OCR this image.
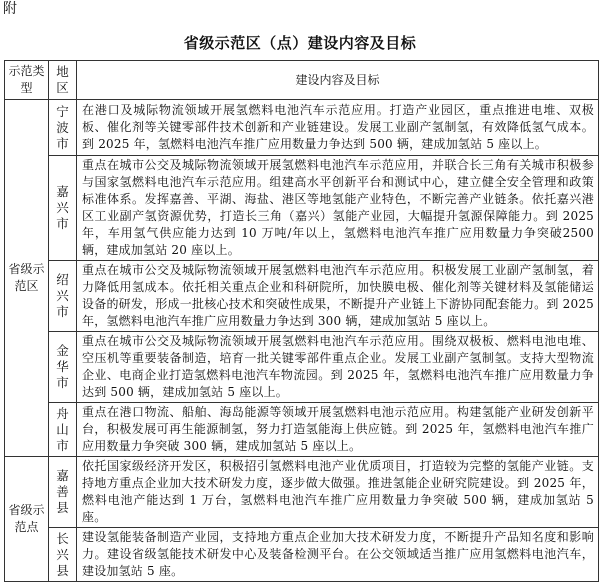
附
省级示范区（点）建设内容及目标
示范类型	地区	建设内容及目标
省级示范区	宁波市	在港口及城际物流领域开展氢燃料电池汽车示范应用。打造产业园区，重点推进电堆、双极板、催化剂等关键零部件技术创新和产业链建设。发展工业副产氢制氢，有效降低氢气成本。到 2025 年，氢燃料电池汽车推广应用数量力争达到 500 辆，建成加氢站 5 座以上。

	嘉兴市	重点在城市公交及城际物流领域开展氢燃料电池汽车示范应用，并联合长三角有关城市积极参与国家氢燃料电池汽车示范应用。组建高水平创新平台和测试中心，建立健全安全管理和政策标准体系。发挥嘉善、平湖、海盐、港区等地氢能产业特色，不断完善产业链条。依托嘉兴港区工业副产氢资源优势，打造长三角（嘉兴）氢能产业园，大幅提升氢源保障能力。到 2025 年，车用氢气供应能力达到 10 万吨/年以上，氢燃料电池汽车推广应用数量力争突破2500 辆，建成加氢站 20 座以上。

	绍兴市	重点在城市公交及城际物流领域开展氢燃料电池汽车示范应用。积极发展工业副产氢制氢，着力降低用氢成本。依托相关重点企业和科研院所，加快膜电极、催化剂等关键材料及氢能储运设备的研发，形成一批核心技术和突破性成果，不断提升产业链上下游协同配套能力。到 2025 年，氢燃料电池汽车推广应用数量力争达到 300 辆，建成加氢站 5 座以上。

	金华市	重点在城市公交及城际物流领域开展氢燃料电池汽车示范应用。围绕双极板、燃料电池电堆、空压机等重要装备制造，培育一批关键零部件重点企业。发展工业副产氢制氢。支持大型物流企业、电商企业打造氢燃料电池汽车物流园。到 2025 年，氢燃料电池汽车推广应用数量力争达到 500 辆，建成加氢站 5 座以上。

	舟山市	重点在港口物流、船舶、海岛能源等领域开展氢燃料电池示范应用。构建氢能产业研发创新平台，积极发展可再生能源制氢，努力打造氢能海上供应链。到 2025 年，氢燃料电池汽车推广应用数量力争突破 300 辆，建成加氢站 5 座以上。
省级示范点	嘉善县	依托国家级经济开发区，积极招引氢燃料电池产业优质项目，打造较为完整的氢能产业链。支持地方重点企业加大技术研发力度，逐步做大做强。推进氢能企业研究院建设。到 2025 年，燃料电池产能达到 1 万台，氢燃料电池汽车推广应用数量力争突破 500 辆，建成加氢站 5 座。

	长兴县	建设氢能装备制造产业园，支持地方重点企业加大技术研发力度，不断提升产品知名度和影响力。建设省级氢能技术研发中心及装备检测平台。在公交领域适当推广应用氢燃料电池汽车，建设加氢站 5 座。
